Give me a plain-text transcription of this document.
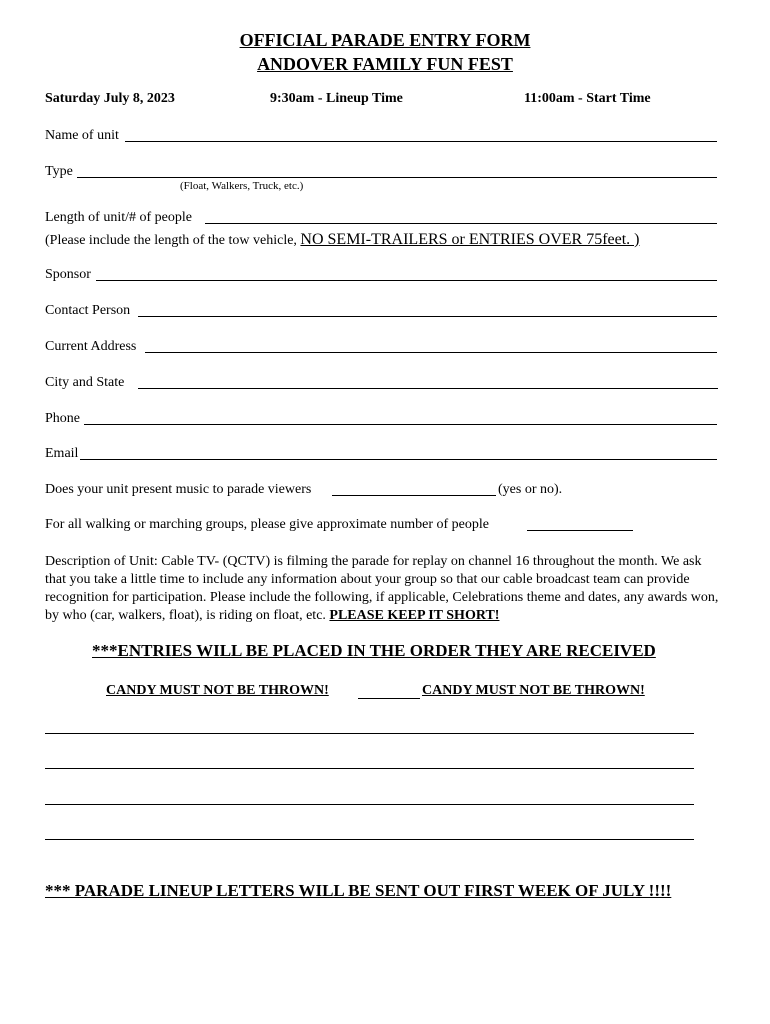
OFFICIAL PARADE ENTRY FORM
ANDOVER FAMILY FUN FEST
Saturday July 8, 2023	9:30am - Lineup Time	11:00am - Start Time
Name of unit
Type
(Float, Walkers, Truck, etc.)
Length of unit/# of people
(Please include the length of the tow vehicle, NO SEMI-TRAILERS or ENTRIES OVER 75feet. )
Sponsor
Contact Person
Current Address
City and State
Phone
Email
Does your unit present music to parade viewers	(yes or no).
For all walking or marching groups, please give approximate number of people
Description of Unit: Cable TV- (QCTV) is filming the parade for replay on channel 16 throughout the month. We ask that you take a little time to include any information about your group so that our cable broadcast team can provide recognition for participation. Please include the following, if applicable, Celebrations theme and dates, any awards won, by who (car, walkers, float), is riding on float, etc. PLEASE KEEP IT SHORT!
***ENTRIES WILL BE PLACED IN THE ORDER THEY ARE RECEIVED
CANDY MUST NOT BE THROWN!	CANDY MUST NOT BE THROWN!
*** PARADE LINEUP LETTERS WILL BE SENT OUT FIRST WEEK OF JULY !!!!
